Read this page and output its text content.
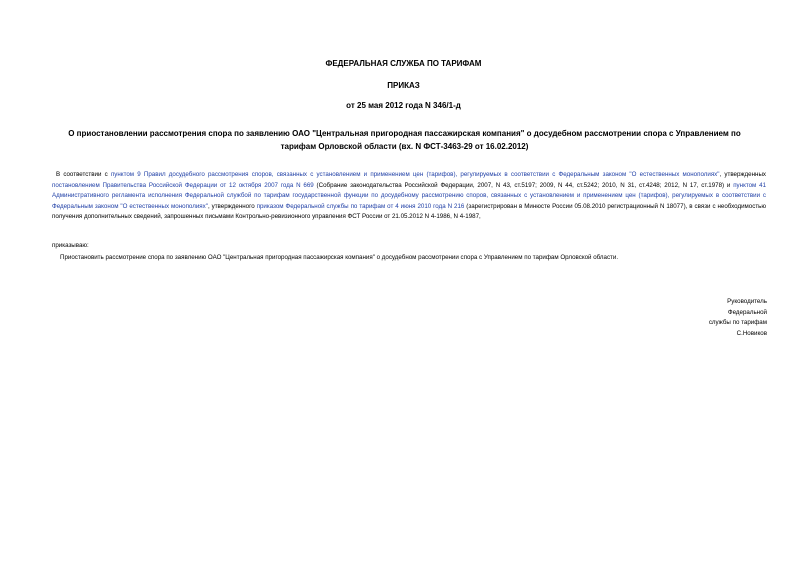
ФЕДЕРАЛЬНАЯ СЛУЖБА ПО ТАРИФАМ
ПРИКАЗ
от 25 мая 2012 года N 346/1-д
О приостановлении рассмотрения спора по заявлению ОАО "Центральная пригородная пассажирская компания" о досудебном рассмотрении спора с Управлением по тарифам Орловской области (вх. N ФСТ-3463-29 от 16.02.2012)
В соответствии с пунктом 9 Правил досудебного рассмотрения споров, связанных с установлением и применением цен (тарифов), регулируемых в соответствии с Федеральным законом "О естественных монополиях", утвержденных постановлением Правительства Российской Федерации от 12 октября 2007 года N 669 (Собрание законодательства Российской Федерации, 2007, N 43, ст.5197; 2009, N 44, ст.5242; 2010, N 31, ст.4248; 2012, N 17, ст.1978) и пунктом 41 Административного регламента исполнения Федеральной службой по тарифам государственной функции по досудебному рассмотрению споров, связанных с установлением и применением цен (тарифов), регулируемых в соответствии с Федеральным законом "О естественных монополиях", утвержденного приказом Федеральной службы по тарифам от 4 июня 2010 года N 216 (зарегистрирован в Минюсте России 05.08.2010 регистрационный N 18077), в связи с необходимостью получения дополнительных сведений, запрошенных письмами Контрольно-ревизионного управления ФСТ России от 21.05.2012 N 4-1986, N 4-1987,
приказываю:
Приостановить рассмотрение спора по заявлению ОАО "Центральная пригородная пассажирская компания" о досудебном рассмотрении спора с Управлением по тарифам Орловской области.
Руководитель
Федеральной
службы по тарифам
С.Новиков
